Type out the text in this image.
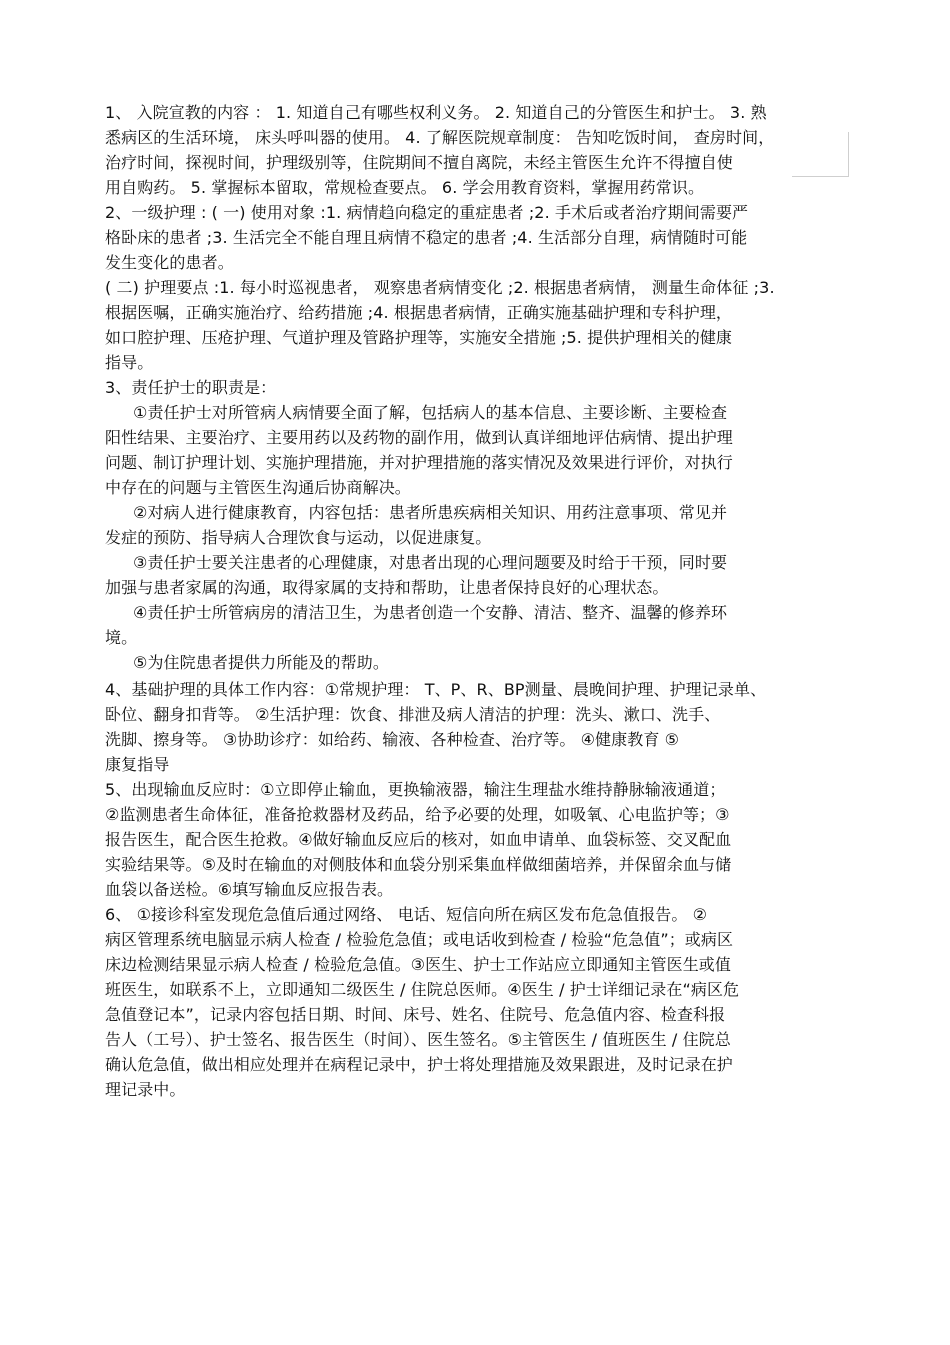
1、 入院宣教的内容 ： 1. 知道自己有哪些权利义务。 2. 知道自己的分管医生和护士。 3. 熟
悉病区的生活环境， 床头呼叫器的使用。 4. 了解医院规章制度： 告知吃饭时间， 查房时间，
治疗时间，探视时间，护理级别等，住院期间不擅自离院，未经主管医生允许不得擅自使
用自购药。 5. 掌握标本留取，常规检查要点。 6. 学会用教育资料，掌握用药常识。
2、一级护理 : ( 一) 使用对象 :1. 病情趋向稳定的重症患者 ;2. 手术后或者治疗期间需要严
格卧床的患者 ;3. 生活完全不能自理且病情不稳定的患者 ;4. 生活部分自理，病情随时可能
发生变化的患者。
( 二) 护理要点 :1. 每小时巡视患者， 观察患者病情变化 ;2. 根据患者病情， 测量生命体征 ;3.
根据医嘱，正确实施治疗、给药措施 ;4. 根据患者病情，正确实施基础护理和专科护理，
如口腔护理、压疮护理、气道护理及管路护理等，实施安全措施 ;5. 提供护理相关的健康
指导。
3、责任护士的职责是：
①责任护士对所管病人病情要全面了解，包括病人的基本信息、主要诊断、主要检查
阳性结果、主要治疗、主要用药以及药物的副作用，做到认真详细地评估病情、提出护理
问题、制订护理计划、实施护理措施，并对护理措施的落实情况及效果进行评价，对执行
中存在的问题与主管医生沟通后协商解决。
②对病人进行健康教育，内容包括：患者所患疾病相关知识、用药注意事项、常见并
发症的预防、指导病人合理饮食与运动，以促进康复。
③责任护士要关注患者的心理健康，对患者出现的心理问题要及时给于干预，同时要
加强与患者家属的沟通，取得家属的支持和帮助，让患者保持良好的心理状态。
④责任护士所管病房的清洁卫生，为患者创造一个安静、清洁、整齐、温馨的修养环
境。
⑤为住院患者提供力所能及的帮助。
4、基础护理的具体工作内容：①常规护理： T、P、R、BP测量、晨晚间护理、护理记录单、
卧位、翻身扣背等。 ②生活护理：饮食、排泄及病人清洁的护理：洗头、漱口、洗手、
洗脚、擦身等。 ③协助诊疗：如给药、输液、各种检查、治疗等。 ④健康教育 ⑤
康复指导
5、出现输血反应时：①立即停止输血，更换输液器，输注生理盐水维持静脉输液通道；
②监测患者生命体征，准备抢救器材及药品，给予必要的处理，如吸氧、心电监护等；③
报告医生，配合医生抢救。④做好输血反应后的核对，如血申请单、血袋标签、交叉配血
实验结果等。⑤及时在输血的对侧肢体和血袋分别采集血样做细菌培养，并保留余血与储
血袋以备送检。⑥填写输血反应报告表。
6、 ①接诊科室发现危急值后通过网络、 电话、短信向所在病区发布危急值报告。 ②
病区管理系统电脑显示病人检查 / 检验危急值；或电话收到检查 / 检验“危急值”；或病区
床边检测结果显示病人检查 / 检验危急值。③医生、护士工作站应立即通知主管医生或值
班医生，如联系不上，立即通知二级医生 / 住院总医师。④医生 / 护士详细记录在“病区危
急值登记本”，记录内容包括日期、时间、床号、姓名、住院号、危急值内容、检查科报
告人（工号）、护士签名、报告医生（时间）、医生签名。⑤主管医生 / 值班医生 / 住院总
确认危急值，做出相应处理并在病程记录中，护士将处理措施及效果跟进，及时记录在护
理记录中。
